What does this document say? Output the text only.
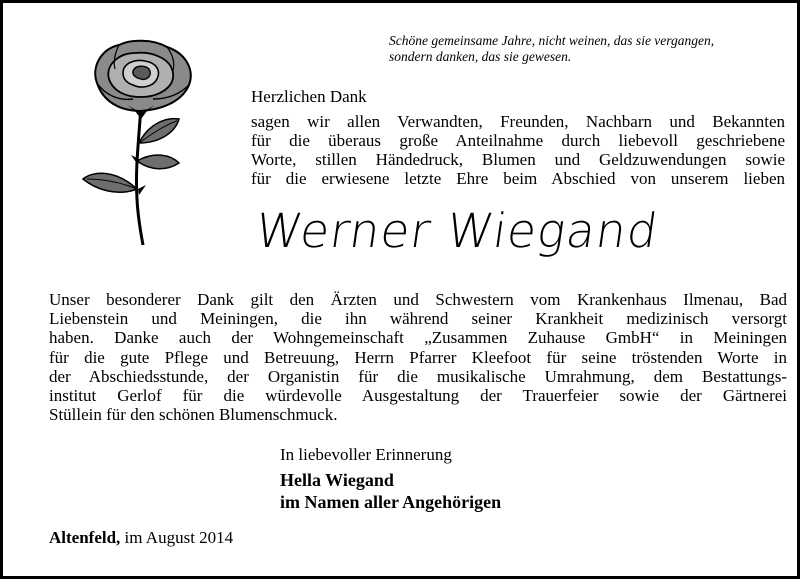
Schöne gemeinsame Jahre, nicht weinen, das sie vergangen,
sondern danken, das sie gewesen.
Herzlichen Dank
sagen wir allen Verwandten, Freunden, Nachbarn und Bekannten
für die überaus große Anteilnahme durch liebevoll geschriebene
Worte, stillen Händedruck, Blumen und Geldzuwendungen sowie
für die erwiesene letzte Ehre beim Abschied von unserem lieben
Werner Wiegand
Unser besonderer Dank gilt den Ärzten und Schwestern vom Krankenhaus Ilmenau, Bad
Liebenstein und Meiningen, die ihn während seiner Krankheit medizinisch versorgt
haben. Danke auch der Wohngemeinschaft „Zusammen Zuhause GmbH“ in Meiningen
für die gute Pflege und Betreuung, Herrn Pfarrer Kleefoot für seine tröstenden Worte in
der Abschiedsstunde, der Organistin für die musikalische Umrahmung, dem Bestattungs-
institut Gerlof für die würdevolle Ausgestaltung der Trauerfeier sowie der Gärtnerei
Stüllein für den schönen Blumenschmuck.
In liebevoller Erinnerung
Hella Wiegand
im Namen aller Angehörigen
Altenfeld, im August 2014
